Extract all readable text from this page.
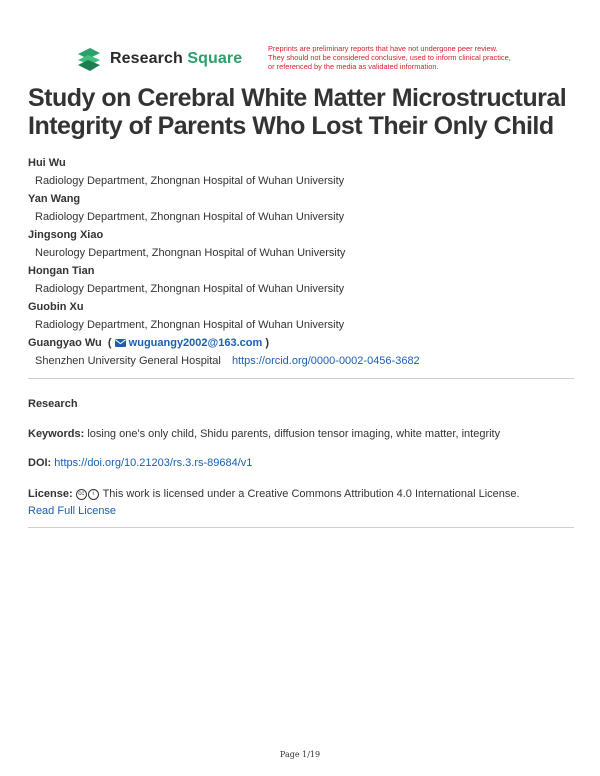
Research Square
Preprints are preliminary reports that have not undergone peer review.
They should not be considered conclusive, used to inform clinical practice,
or referenced by the media as validated information.
Study on Cerebral White Matter Microstructural Integrity of Parents Who Lost Their Only Child
Hui Wu
Radiology Department, Zhongnan Hospital of Wuhan University
Yan Wang
Radiology Department, Zhongnan Hospital of Wuhan University
Jingsong Xiao
Neurology Department, Zhongnan Hospital of Wuhan University
Hongan Tian
Radiology Department, Zhongnan Hospital of Wuhan University
Guobin Xu
Radiology Department, Zhongnan Hospital of Wuhan University
Guangyao Wu ( wuguangy2002@163.com )
Shenzhen University General Hospital https://orcid.org/0000-0002-0456-3682
Research
Keywords: losing one's only child, Shidu parents, diffusion tensor imaging, white matter, integrity
DOI: https://doi.org/10.21203/rs.3.rs-89684/v1
License: cc i This work is licensed under a Creative Commons Attribution 4.0 International License.
Read Full License
Page 1/19
